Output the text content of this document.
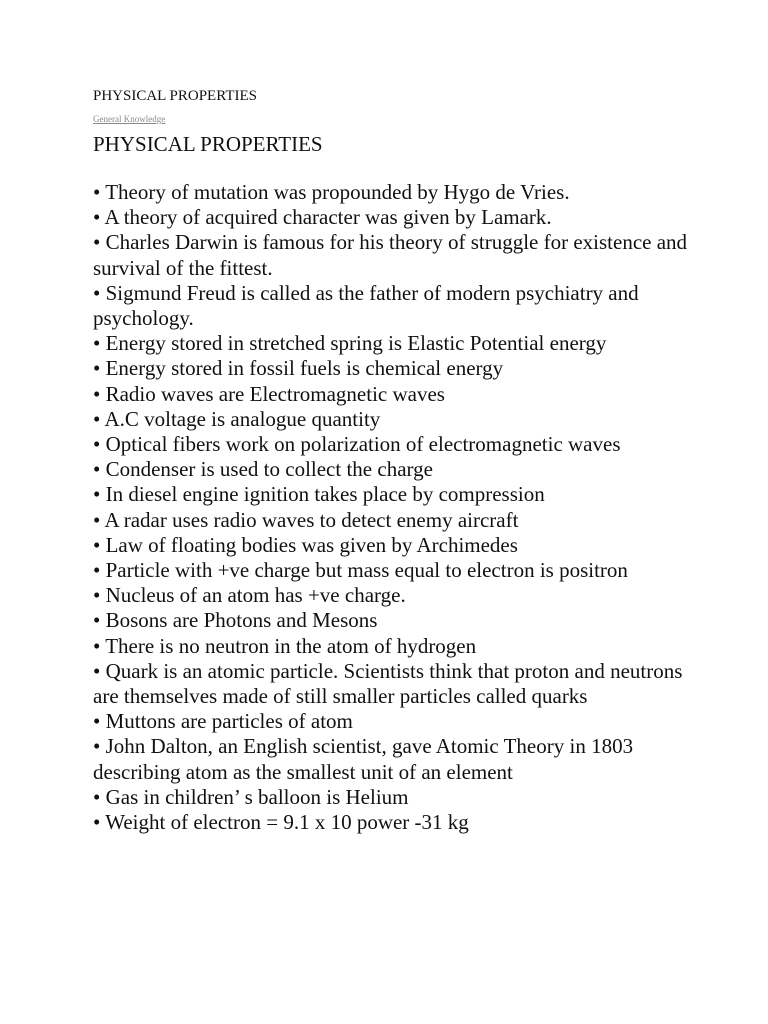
PHYSICAL PROPERTIES
General Knowledge
PHYSICAL PROPERTIES
• Theory of mutation was propounded by Hygo de Vries.
• A theory of acquired character was given by Lamark.
• Charles Darwin is famous for his theory of struggle for existence and survival of the fittest.
• Sigmund Freud is called as the father of modern psychiatry and psychology.
• Energy stored in stretched spring is Elastic Potential energy
• Energy stored in fossil fuels is chemical energy
• Radio waves are Electromagnetic waves
• A.C voltage is analogue quantity
• Optical fibers work on polarization of electromagnetic waves
• Condenser is used to collect the charge
• In diesel engine ignition takes place by compression
• A radar uses radio waves to detect enemy aircraft
• Law of floating bodies was given by Archimedes
• Particle with +ve charge but mass equal to electron is positron
• Nucleus of an atom has +ve charge.
• Bosons are Photons and Mesons
• There is no neutron in the atom of hydrogen
• Quark is an atomic particle. Scientists think that proton and neutrons are themselves made of still smaller particles called quarks
• Muttons are particles of atom
• John Dalton, an English scientist, gave Atomic Theory in 1803 describing atom as the smallest unit of an element
• Gas in children’ s balloon is Helium
• Weight of electron = 9.1 x 10 power -31 kg
